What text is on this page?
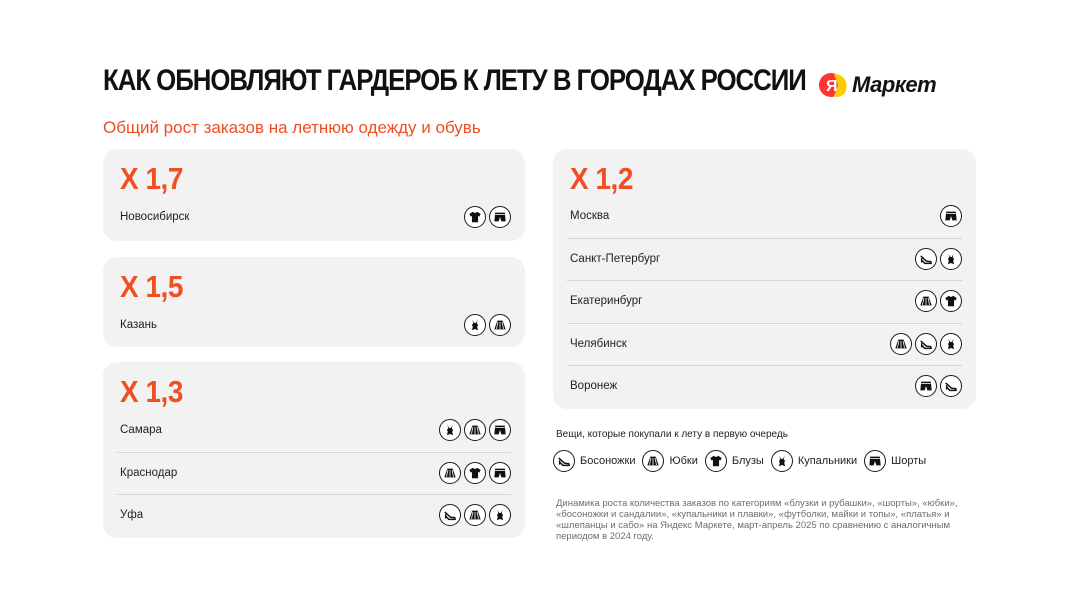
КАК ОБНОВЛЯЮТ ГАРДЕРОБ К ЛЕТУ В ГОРОДАХ РОССИИ
Общий рост заказов на летнюю одежду и обувь
Я Маркет
X 1,7
Новосибирск
X 1,5
Казань
X 1,3
Самара
Краснодар
Уфа
X 1,2
Москва
Санкт-Петербург
Екатеринбург
Челябинск
Воронеж
Вещи, которые покупали к лету в первую очередь
Босоножки	Юбки	Блузы	Купальники	Шорты
Динамика роста количества заказов по категориям «блузки и рубашки», «шорты», «юбки», «босоножки и сандалии», «купальники и плавки», «футболки, майки и топы», «платья» и «шлепанцы и сабо» на Яндекс Маркете, март-апрель 2025 по сравнению с аналогичным периодом в 2024 году.
